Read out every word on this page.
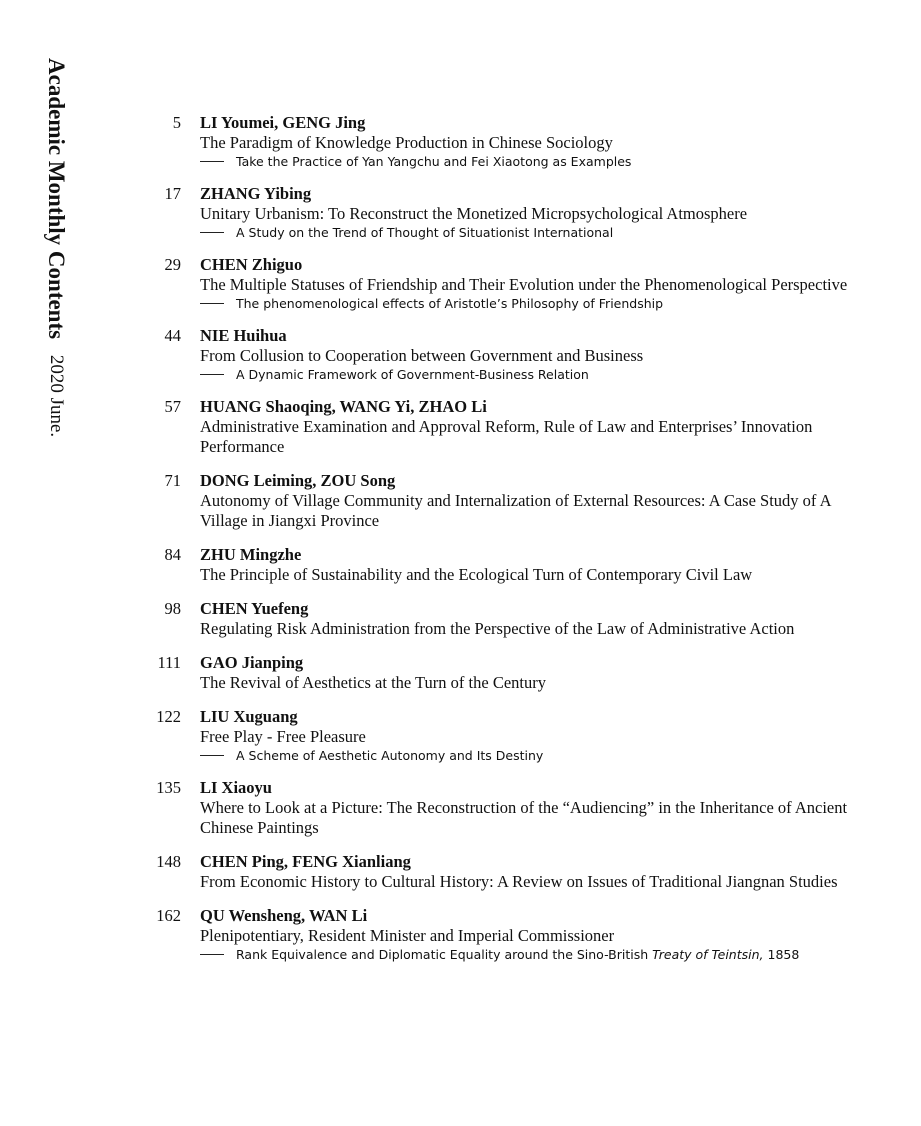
Academic Monthly Contents 2020 June.
5 LI Youmei, GENG Jing
The Paradigm of Knowledge Production in Chinese Sociology
Take the Practice of Yan Yangchu and Fei Xiaotong as Examples
17 ZHANG Yibing
Unitary Urbanism: To Reconstruct the Monetized Micropsychological Atmosphere
A Study on the Trend of Thought of Situationist International
29 CHEN Zhiguo
The Multiple Statuses of Friendship and Their Evolution under the Phenomenological Perspective
The phenomenological effects of Aristotle’s Philosophy of Friendship
44 NIE Huihua
From Collusion to Cooperation between Government and Business
A Dynamic Framework of Government-Business Relation
57 HUANG Shaoqing, WANG Yi, ZHAO Li
Administrative Examination and Approval Reform, Rule of Law and Enterprises’ Innovation Performance
71 DONG Leiming, ZOU Song
Autonomy of Village Community and Internalization of External Resources: A Case Study of A Village in Jiangxi Province
84 ZHU Mingzhe
The Principle of Sustainability and the Ecological Turn of Contemporary Civil Law
98 CHEN Yuefeng
Regulating Risk Administration from the Perspective of the Law of Administrative Action
111 GAO Jianping
The Revival of Aesthetics at the Turn of the Century
122 LIU Xuguang
Free Play - Free Pleasure
A Scheme of Aesthetic Autonomy and Its Destiny
135 LI Xiaoyu
Where to Look at a Picture: The Reconstruction of the “Audiencing” in the Inheritance of Ancient Chinese Paintings
148 CHEN Ping, FENG Xianliang
From Economic History to Cultural History: A Review on Issues of Traditional Jiangnan Studies
162 QU Wensheng, WAN Li
Plenipotentiary, Resident Minister and Imperial Commissioner
Rank Equivalence and Diplomatic Equality around the Sino-British Treaty of Teintsin, 1858
